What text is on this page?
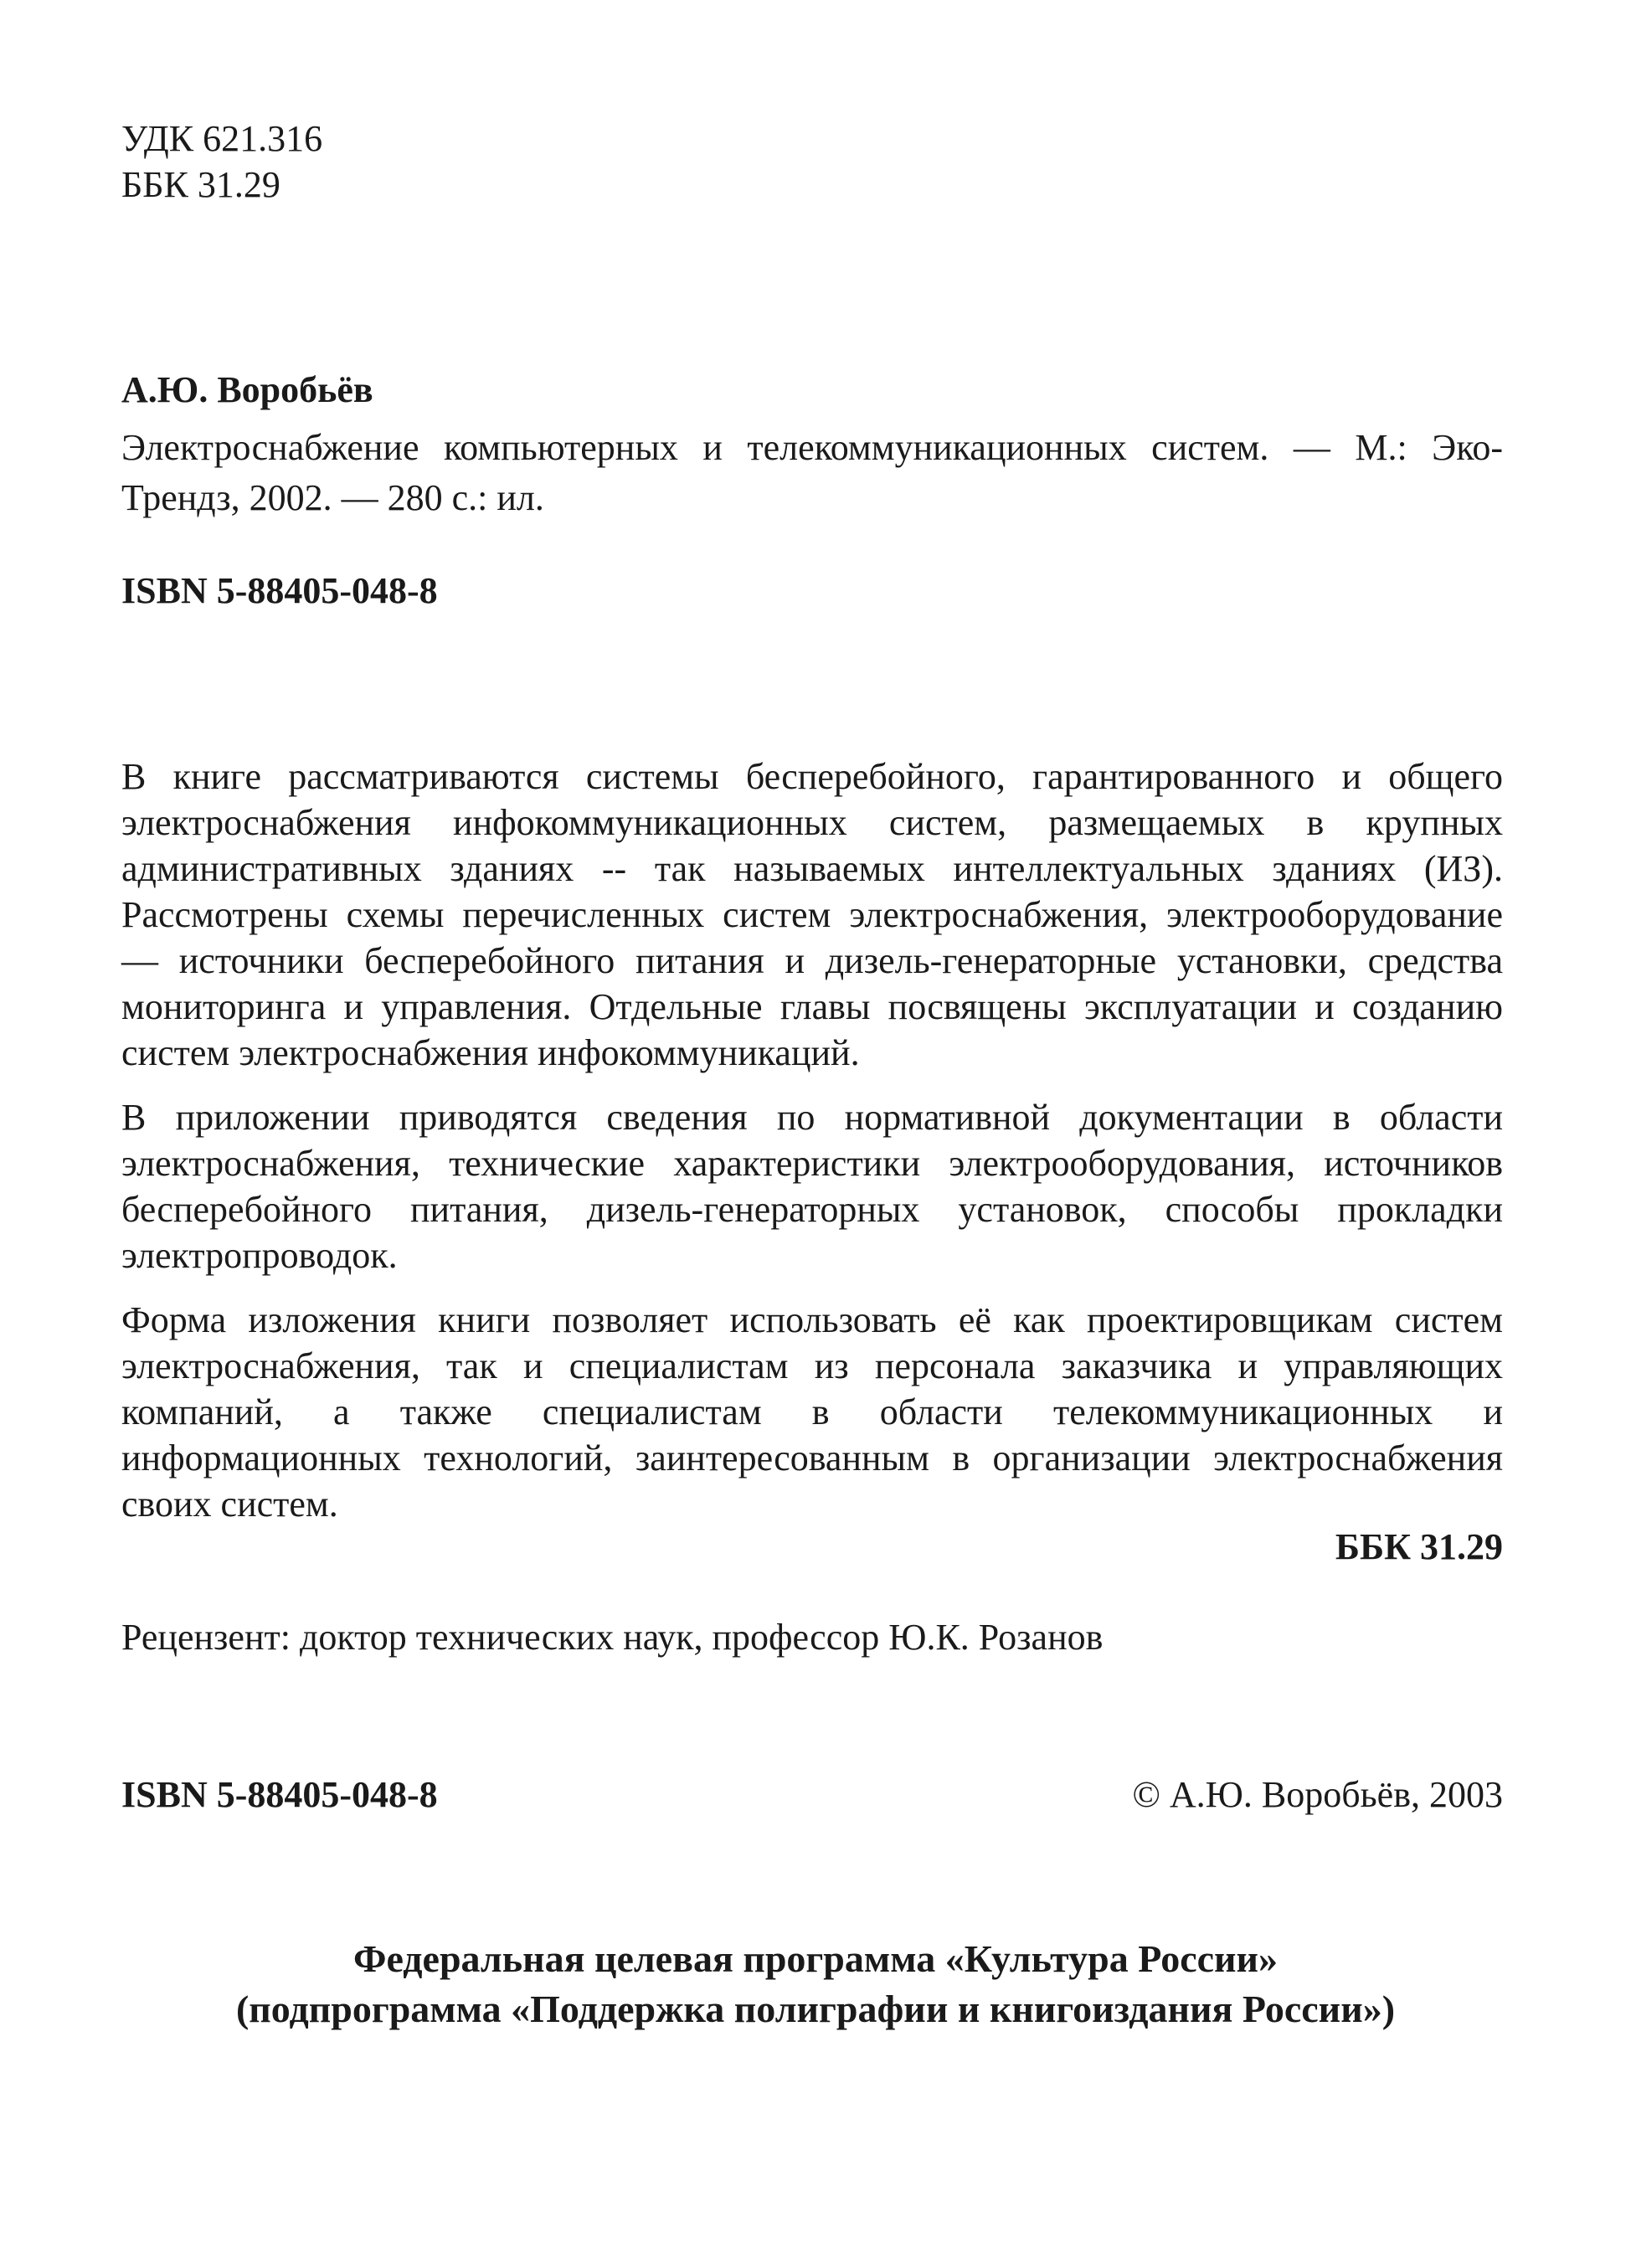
УДК 621.316
ББК 31.29
А.Ю. Воробьёв
Электроснабжение компьютерных и телекоммуникационных систем. — М.: Эко-Трендз, 2002. — 280 с.: ил.
ISBN 5-88405-048-8

В книге рассматриваются системы бесперебойного, гарантированного и общего электроснабжения инфокоммуникационных систем, размещаемых в крупных административных зданиях -- так называемых интеллектуальных зданиях (ИЗ). Рассмотрены схемы перечисленных систем электроснабжения, электрооборудование — источники бесперебойного питания и дизель-генераторные установки, средства мониторинга и управления. Отдельные главы посвящены эксплуатации и созданию систем электроснабжения инфокоммуникаций.

В приложении приводятся сведения по нормативной документации в области электроснабжения, технические характеристики электрооборудования, источников бесперебойного питания, дизель-генераторных установок, способы прокладки электропроводок.

Форма изложения книги позволяет использовать её как проектировщикам систем электроснабжения, так и специалистам из персонала заказчика и управляющих компаний, а также специалистам в области телекоммуникационных и информационных технологий, заинтересованным в организации электроснабжения своих систем.

ББК 31.29
Рецензент: доктор технических наук, профессор Ю.К. Розанов
ISBN 5-88405-048-8	© А.Ю. Воробьёв, 2003
Федеральная целевая программа «Культура России»
(подпрограмма «Поддержка полиграфии и книгоиздания России»)
